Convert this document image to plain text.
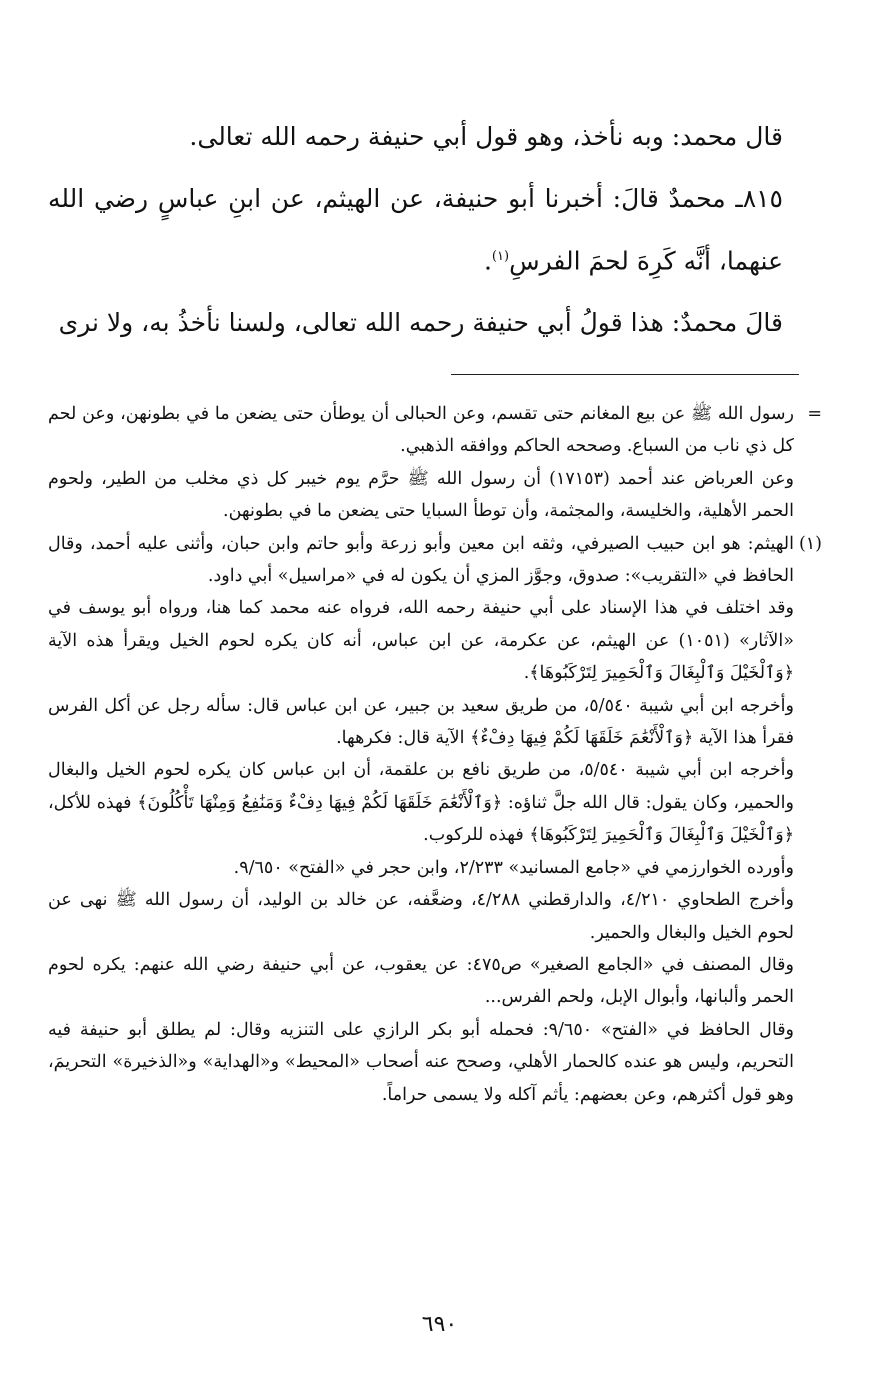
قال محمد: وبه نأخذ، وهو قول أبي حنيفة رحمه الله تعالى.

٨١٥ـ محمدٌ قالَ: أخبرنا أبو حنيفة، عن الهيثم، عن ابنِ عباسٍ رضي الله عنهما، أنَّه كَرِهَ لحمَ الفرسِ$^{(١)}$.

قالَ محمدٌ: هذا قولُ أبي حنيفة رحمه الله تعالى، ولسنا نأخذُ به، ولا نرى

=
رسول الله ﷺ عن بيع المغانم حتى تقسم، وعن الحبالى أن يوطأن حتى يضعن ما في بطونهن، وعن لحم كل ذي ناب من السباع. وصححه الحاكم ووافقه الذهبي.

وعن العرباض عند أحمد (١٧١٥٣) أن رسول الله ﷺ حرَّم يوم خيبر كل ذي مخلب من الطير، ولحوم الحمر الأهلية، والخليسة، والمجثمة، وأن توطأ السبايا حتى يضعن ما في بطونهن.

(١)
الهيثم: هو ابن حبيب الصيرفي، وثقه ابن معين وأبو زرعة وأبو حاتم وابن حبان، وأثنى عليه أحمد، وقال الحافظ في «التقريب»: صدوق، وجوَّز المزي أن يكون له في «مراسيل» أبي داود.

وقد اختلف في هذا الإسناد على أبي حنيفة رحمه الله، فرواه عنه محمد كما هنا، ورواه أبو يوسف في «الآثار» (١٠٥١) عن الهيثم، عن عكرمة، عن ابن عباس، أنه كان يكره لحوم الخيل ويقرأ هذه الآية ﴿وَٱلْخَيْلَ وَٱلْبِغَالَ وَٱلْحَمِيرَ لِتَرْكَبُوهَا﴾.

وأخرجه ابن أبي شيبة ٥/٥٤٠، من طريق سعيد بن جبير، عن ابن عباس قال: سأله رجل عن أكل الفرس فقرأ هذا الآية ﴿وَٱلْأَنْعَٰمَ خَلَقَهَا لَكُمْ فِيهَا دِفْءٌ﴾ الآية قال: فكرهها.

وأخرجه ابن أبي شيبة ٥/٥٤٠، من طريق نافع بن علقمة، أن ابن عباس كان يكره لحوم الخيل والبغال والحمير، وكان يقول: قال الله جلَّ ثناؤه: ﴿وَٱلْأَنْعَٰمَ خَلَقَهَا لَكُمْ فِيهَا دِفْءٌ وَمَنَٰفِعُ وَمِنْهَا تَأْكُلُونَ﴾ فهذه للأكل، ﴿وَٱلْخَيْلَ وَٱلْبِغَالَ وَٱلْحَمِيرَ لِتَرْكَبُوهَا﴾ فهذه للركوب.

وأورده الخوارزمي في «جامع المسانيد» ٢/٢٣٣، وابن حجر في «الفتح» ٩/٦٥٠.

وأخرج الطحاوي ٤/٢١٠، والدارقطني ٤/٢٨٨، وضعَّفه، عن خالد بن الوليد، أن رسول الله ﷺ نهى عن لحوم الخيل والبغال والحمير.

وقال المصنف في «الجامع الصغير» ص٤٧٥: عن يعقوب، عن أبي حنيفة رضي الله عنهم: يكره لحوم الحمر وألبانها، وأبوال الإبل، ولحم الفرس...

وقال الحافظ في «الفتح» ٩/٦٥٠: فحمله أبو بكر الرازي على التنزيه وقال: لم يطلق أبو حنيفة فيه التحريم، وليس هو عنده كالحمار الأهلي، وصحح عنه أصحاب «المحيط» و«الهداية» و«الذخيرة» التحريمَ، وهو قول أكثرهم، وعن بعضهم: يأثم آكله ولا يسمى حراماً.

٦٩٠
